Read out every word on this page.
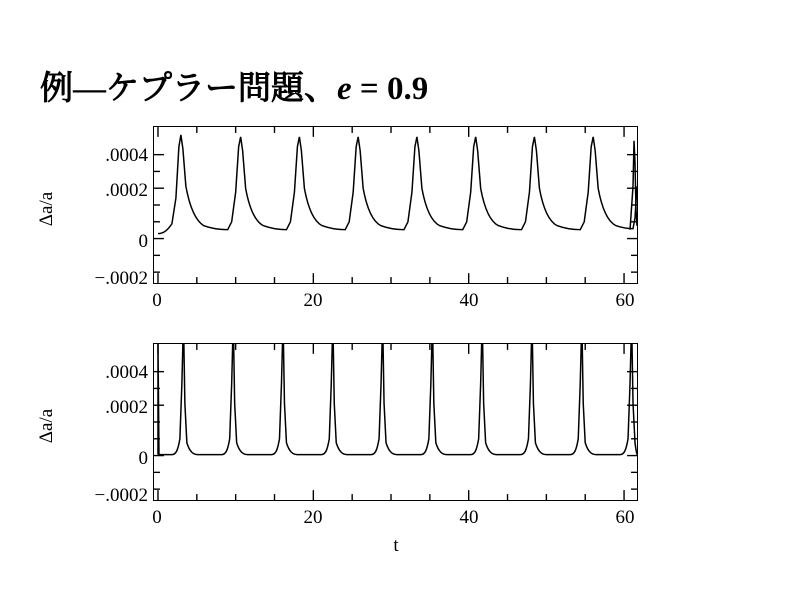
例—ケプラー問題、e = 0.9
Δa/a
.0004
.0002
0
−.0002
0	20	40	60
Δa/a
.0004
.0002
0
−.0002
0	20	40	60
t
